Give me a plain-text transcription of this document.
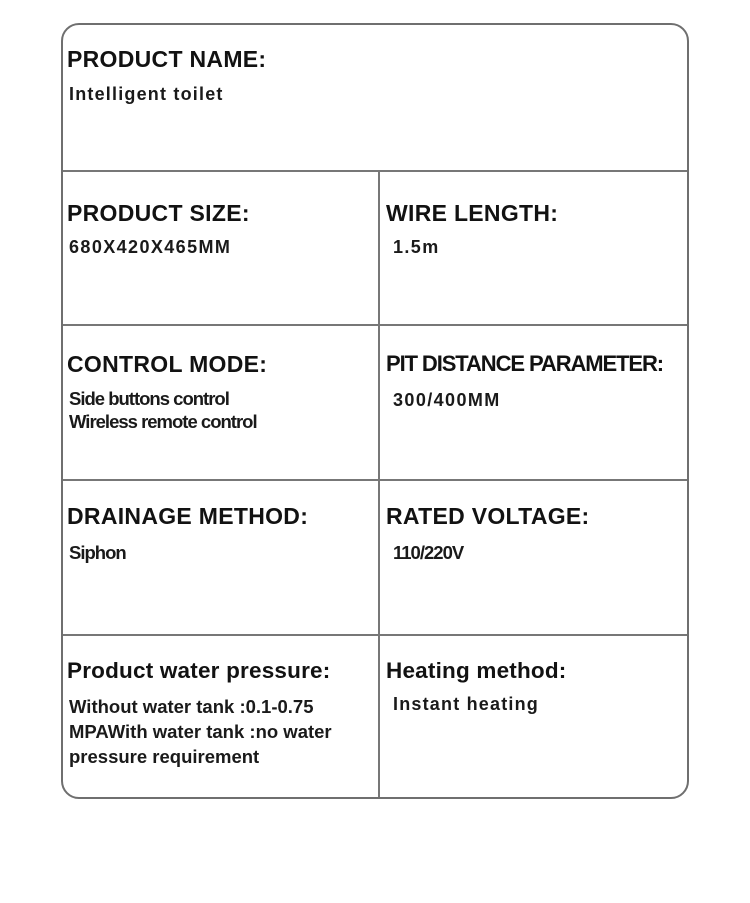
PRODUCT NAME:
Intelligent toilet
PRODUCT SIZE:
680X420X465MM
WIRE LENGTH:
1.5m
CONTROL MODE:
Side buttons control
Wireless remote control
PIT DISTANCE PARAMETER:
300/400MM
DRAINAGE METHOD:
Siphon
RATED VOLTAGE:
110/220V
Product water pressure:
Without water tank :0.1-0.75
MPAWith water tank :no water
pressure requirement
Heating method:
Instant heating
